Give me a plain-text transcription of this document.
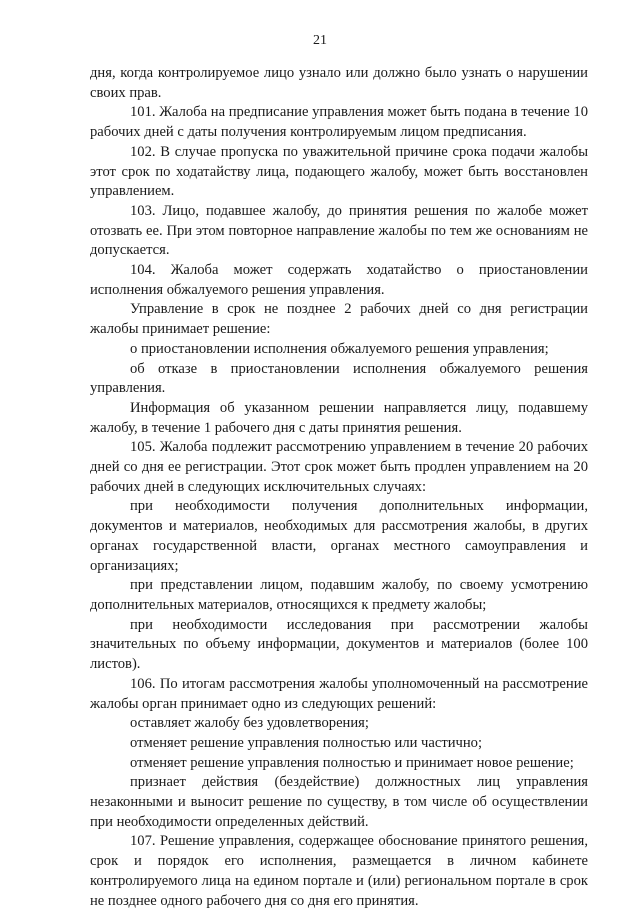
21

дня, когда контролируемое лицо узнало или должно было узнать о нарушении своих прав.

101. Жалоба на предписание управления может быть подана в течение 10 рабочих дней с даты получения контролируемым лицом предписания.

102. В случае пропуска по уважительной причине срока подачи жалобы этот срок по ходатайству лица, подающего жалобу, может быть восстановлен управлением.

103. Лицо, подавшее жалобу, до принятия решения по жалобе может отозвать ее. При этом повторное направление жалобы по тем же основаниям не допускается.

104. Жалоба может содержать ходатайство о приостановлении исполнения обжалуемого решения управления.

Управление в срок не позднее 2 рабочих дней со дня регистрации жалобы принимает решение:

о приостановлении исполнения обжалуемого решения управления;

об отказе в приостановлении исполнения обжалуемого решения управления.

Информация об указанном решении направляется лицу, подавшему жалобу, в течение 1 рабочего дня с даты принятия решения.

105. Жалоба подлежит рассмотрению управлением в течение 20 рабочих дней со дня ее регистрации. Этот срок может быть продлен управлением на 20 рабочих дней в следующих исключительных случаях:

при необходимости получения дополнительных информации, документов и материалов, необходимых для рассмотрения жалобы, в других органах государственной власти, органах местного самоуправления и организациях;

при представлении лицом, подавшим жалобу, по своему усмотрению дополнительных материалов, относящихся к предмету жалобы;

при необходимости исследования при рассмотрении жалобы значительных по объему информации, документов и материалов (более 100 листов).

106. По итогам рассмотрения жалобы уполномоченный на рассмотрение жалобы орган принимает одно из следующих решений:

оставляет жалобу без удовлетворения;

отменяет решение управления полностью или частично;

отменяет решение управления полностью и принимает новое решение;

признает действия (бездействие) должностных лиц управления незаконными и выносит решение по существу, в том числе об осуществлении при необходимости определенных действий.

107. Решение управления, содержащее обоснование принятого решения, срок и порядок его исполнения, размещается в личном кабинете контролируемого лица на едином портале и (или) региональном портале в срок не позднее одного рабочего дня со дня его принятия.
